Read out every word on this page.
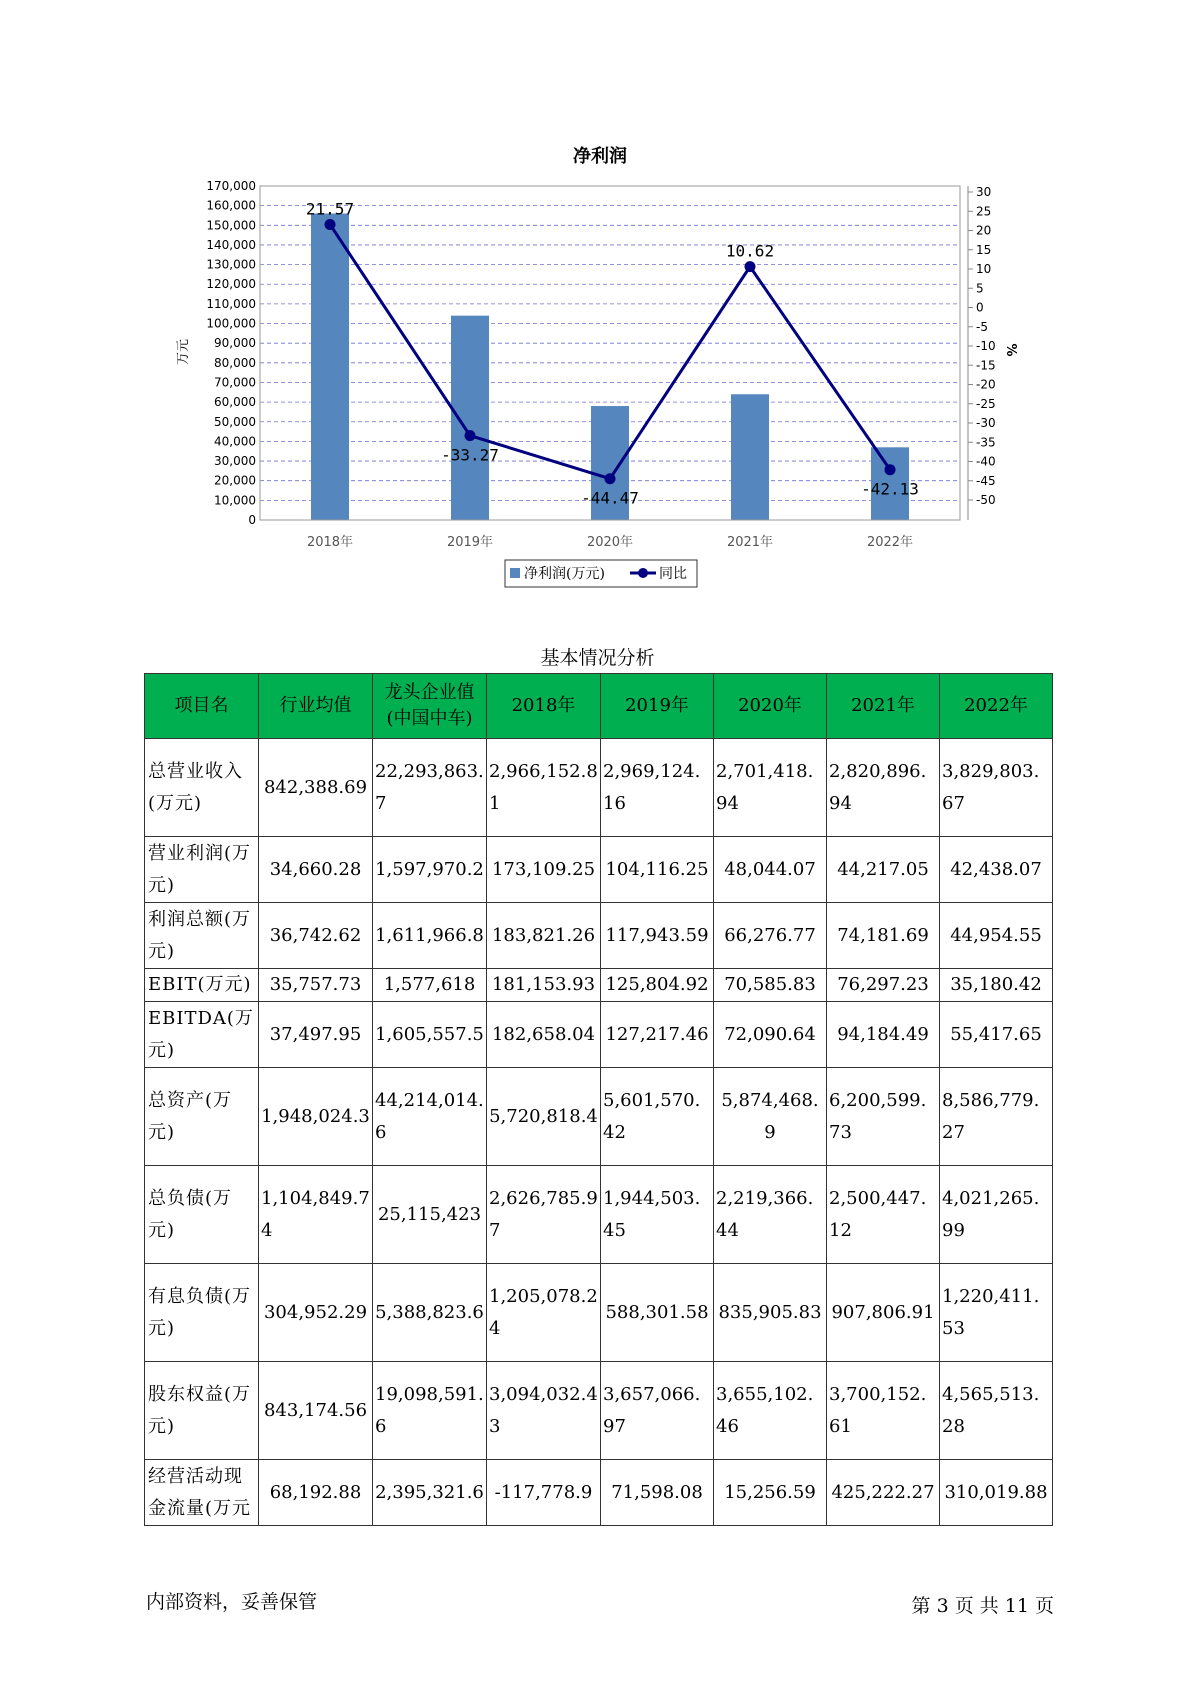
净利润
21.57
-33.27
-44.47
10.62
-42.13
0
10,000
20,000
30,000
40,000
50,000
60,000
70,000
80,000
90,000
100,000
110,000
120,000
130,000
140,000
150,000
160,000
170,000	30
25
20
15
10
5
0
-5
-10
-15
-20
-25
-30
-35
-40
-45
-50
2018年	2019年	2020年	2021年	2022年
万元	%
净利润(万元)	同比
基本情况分析
项目名	行业均值	龙头企业值(中国中车)	2018年	2019年	2020年	2021年	2022年
总营业收入(万元)	842,388.69	22,293,863.7	2,966,152.81	2,969,124.16	2,701,418.94	2,820,896.94	3,829,803.67
营业利润(万元)	34,660.28	1,597,970.2	173,109.25	104,116.25	48,044.07	44,217.05	42,438.07
利润总额(万元)	36,742.62	1,611,966.8	183,821.26	117,943.59	66,276.77	74,181.69	44,954.55
EBIT(万元)	35,757.73	1,577,618	181,153.93	125,804.92	70,585.83	76,297.23	35,180.42
EBITDA(万元)	37,497.95	1,605,557.5	182,658.04	127,217.46	72,090.64	94,184.49	55,417.65
总资产(万元)	1,948,024.3	44,214,014.6	5,720,818.4	5,601,570.42	5,874,468.9	6,200,599.73	8,586,779.27
总负债(万元)	1,104,849.74	25,115,423	2,626,785.97	1,944,503.45	2,219,366.44	2,500,447.12	4,021,265.99
有息负债(万元)	304,952.29	5,388,823.6	1,205,078.24	588,301.58	835,905.83	907,806.91	1,220,411.53
股东权益(万元)	843,174.56	19,098,591.6	3,094,032.43	3,657,066.97	3,655,102.46	3,700,152.61	4,565,513.28
经营活动现金流量(万元	68,192.88	2,395,321.6	-117,778.9	71,598.08	15,256.59	425,222.27	310,019.88
内部资料，妥善保管	第 3 页 共 11 页
